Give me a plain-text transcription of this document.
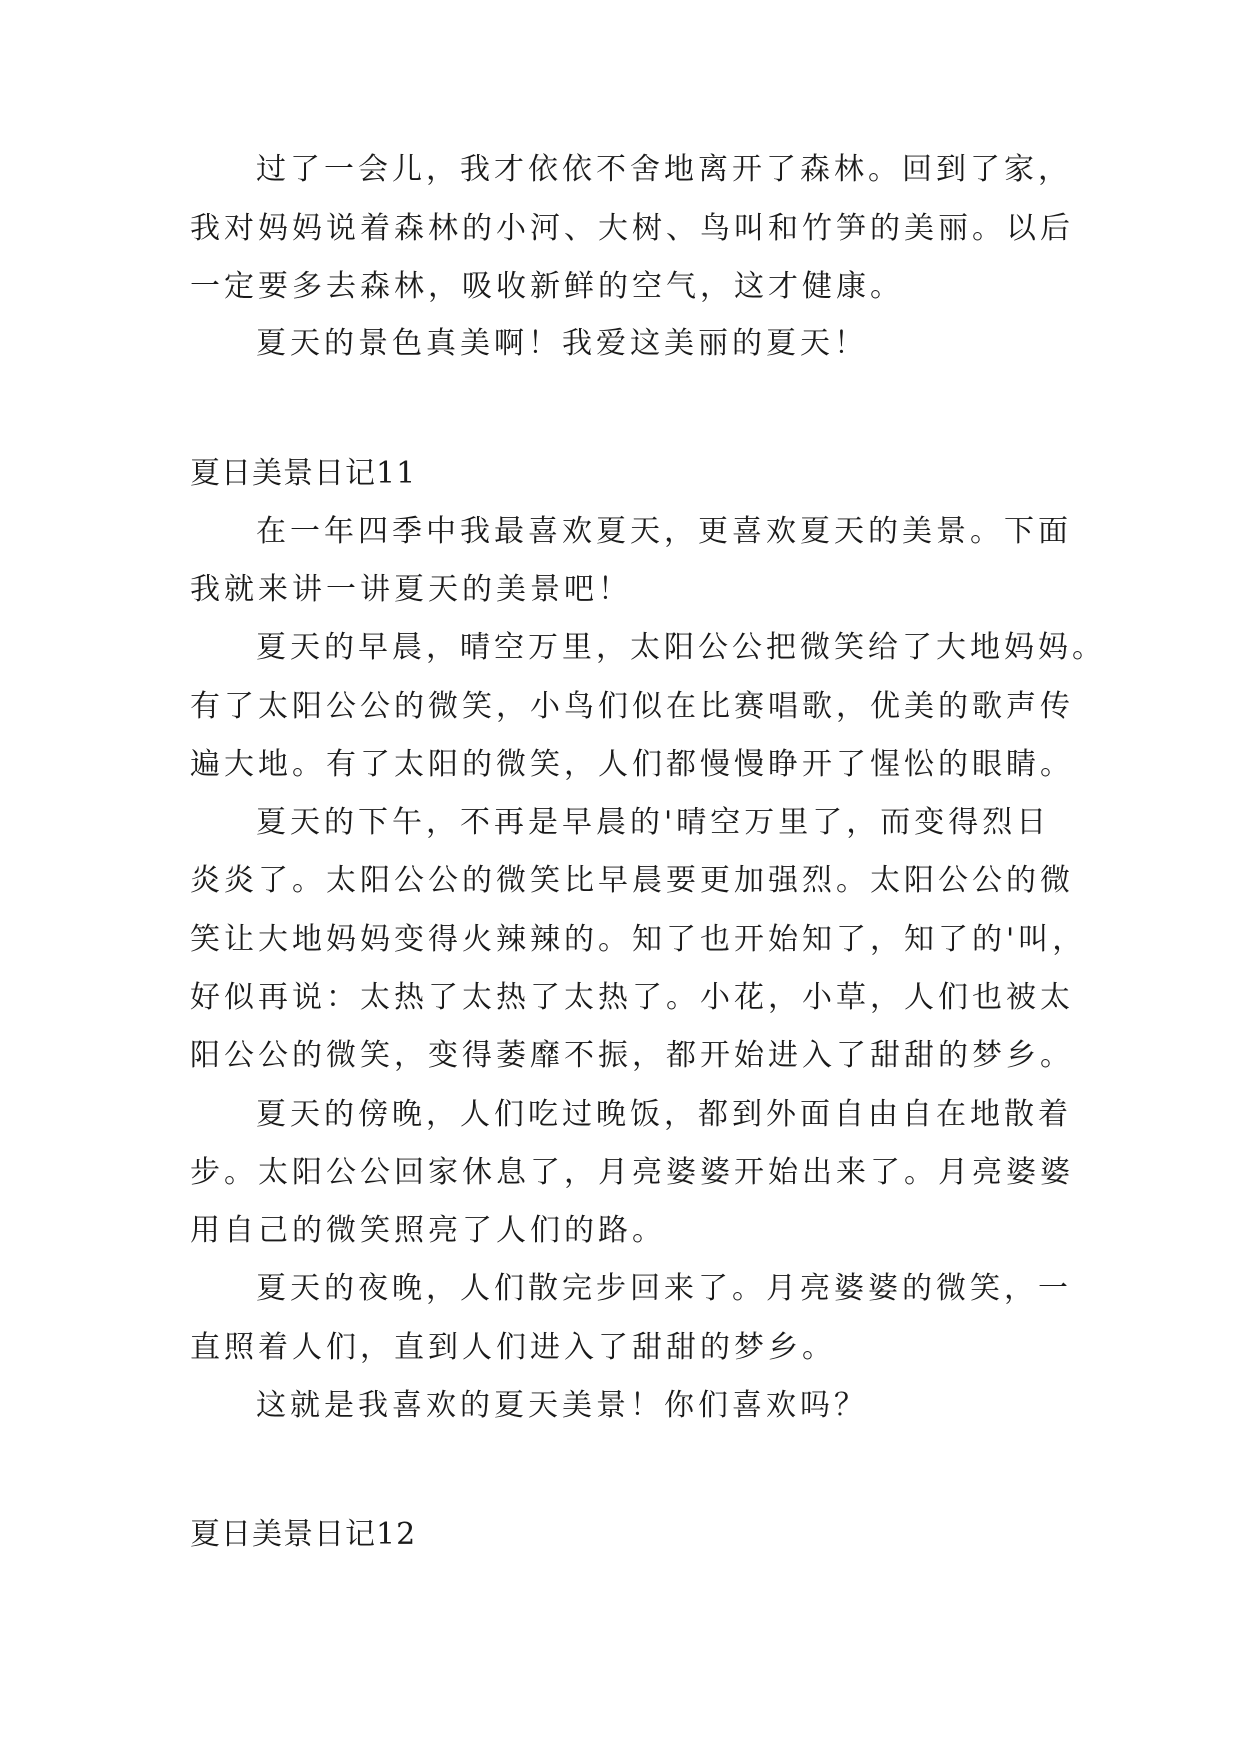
过了一会儿，我才依依不舍地离开了森林。回到了家，
我对妈妈说着森林的小河、大树、鸟叫和竹笋的美丽。以后
一定要多去森林，吸收新鲜的空气，这才健康。
夏天的景色真美啊！我爱这美丽的夏天！
夏日美景日记11
在一年四季中我最喜欢夏天，更喜欢夏天的美景。下面
我就来讲一讲夏天的美景吧！
夏天的早晨，晴空万里，太阳公公把微笑给了大地妈妈。
有了太阳公公的微笑，小鸟们似在比赛唱歌，优美的歌声传
遍大地。有了太阳的微笑，人们都慢慢睁开了惺忪的眼睛。
夏天的下午，不再是早晨的'晴空万里了，而变得烈日
炎炎了。太阳公公的微笑比早晨要更加强烈。太阳公公的微
笑让大地妈妈变得火辣辣的。知了也开始知了，知了的'叫，
好似再说：太热了太热了太热了。小花，小草，人们也被太
阳公公的微笑，变得萎靡不振，都开始进入了甜甜的梦乡。
夏天的傍晚，人们吃过晚饭，都到外面自由自在地散着
步。太阳公公回家休息了，月亮婆婆开始出来了。月亮婆婆
用自己的微笑照亮了人们的路。
夏天的夜晚，人们散完步回来了。月亮婆婆的微笑，一
直照着人们，直到人们进入了甜甜的梦乡。
这就是我喜欢的夏天美景！你们喜欢吗？
夏日美景日记12
